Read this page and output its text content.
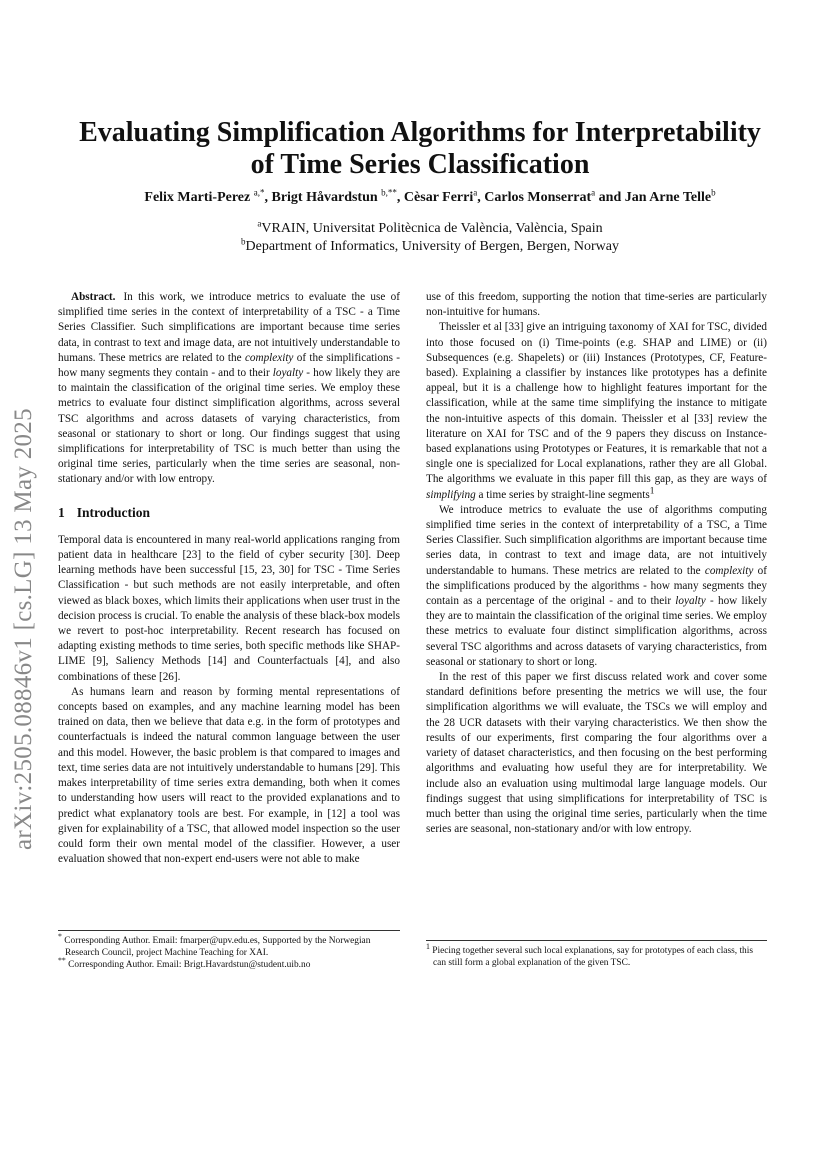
arXiv:2505.08846v1 [cs.LG] 13 May 2025
Evaluating Simplification Algorithms for Interpretability
of Time Series Classification
Felix Marti-Perez $^{a,*}$, Brigt Håvardstun $^{b,**}$, Cèsar Ferri$^a$, Carlos Monserrat$^a$ and Jan Arne Telle$^b$
$^a$VRAIN, Universitat Politècnica de València, València, Spain
$^b$Department of Informatics, University of Bergen, Bergen, Norway

Abstract. In this work, we introduce metrics to evaluate the use of simplified time series in the context of interpretability of a TSC - a Time Series Classifier. Such simplifications are important because time series data, in contrast to text and image data, are not intuitively understandable to humans. These metrics are related to the complexity of the simplifications - how many segments they contain - and to their loyalty - how likely they are to maintain the classification of the original time series. We employ these metrics to evaluate four distinct simplification algorithms, across several TSC algorithms and across datasets of varying characteristics, from seasonal or stationary to short or long. Our findings suggest that using simplifications for interpretability of TSC is much better than using the original time series, particularly when the time series are seasonal, non-stationary and/or with low entropy.

1 Introduction

Temporal data is encountered in many real-world applications ranging from patient data in healthcare [23] to the field of cyber security [30]. Deep learning methods have been successful [15, 23, 30] for TSC - Time Series Classification - but such methods are not easily interpretable, and often viewed as black boxes, which limits their applications when user trust in the decision process is crucial. To enable the analysis of these black-box models we revert to post-hoc interpretability. Recent research has focused on adapting existing methods to time series, both specific methods like SHAP-LIME [9], Saliency Methods [14] and Counterfactuals [4], and also combinations of these [26].

As humans learn and reason by forming mental representations of concepts based on examples, and any machine learning model has been trained on data, then we believe that data e.g. in the form of prototypes and counterfactuals is indeed the natural common language between the user and this model. However, the basic problem is that compared to images and text, time series data are not intuitively understandable to humans [29]. This makes interpretability of time series extra demanding, both when it comes to understanding how users will react to the provided explanations and to predict what explanatory tools are best. For example, in [12] a tool was given for explainability of a TSC, that allowed model inspection so the user could form their own mental model of the classifier. However, a user evaluation showed that non-expert end-users were not able to make

use of this freedom, supporting the notion that time-series are particularly non-intuitive for humans.

Theissler et al [33] give an intriguing taxonomy of XAI for TSC, divided into those focused on (i) Time-points (e.g. SHAP and LIME) or (ii) Subsequences (e.g. Shapelets) or (iii) Instances (Prototypes, CF, Feature-based). Explaining a classifier by instances like prototypes has a definite appeal, but it is a challenge how to highlight features important for the classification, while at the same time simplifying the instance to mitigate the non-intuitive aspects of this domain. Theissler et al [33] review the literature on XAI for TSC and of the 9 papers they discuss on Instance-based explanations using Prototypes or Features, it is remarkable that not a single one is specialized for Local explanations, rather they are all Global. The algorithms we evaluate in this paper fill this gap, as they are ways of simplifying a time series by straight-line segments$^1$

We introduce metrics to evaluate the use of algorithms computing simplified time series in the context of interpretability of a TSC, a Time Series Classifier. Such simplification algorithms are important because time series data, in contrast to text and image data, are not intuitively understandable to humans. These metrics are related to the complexity of the simplifications produced by the algorithms - how many segments they contain as a percentage of the original - and to their loyalty - how likely they are to maintain the classification of the original time series. We employ these metrics to evaluate four distinct simplification algorithms, across several TSC algorithms and across datasets of varying characteristics, from seasonal or stationary to short or long.

In the rest of this paper we first discuss related work and cover some standard definitions before presenting the metrics we will use, the four simplification algorithms we will evaluate, the TSCs we will employ and the 28 UCR datasets with their varying characteristics. We then show the results of our experiments, first comparing the four algorithms over a variety of dataset characteristics, and then focusing on the best performing algorithms and evaluating how useful they are for interpretability. We include also an evaluation using multimodal large language models. Our findings suggest that using simplifications for interpretability of TSC is much better than using the original time series, particularly when the time series are seasonal, non-stationary and/or with low entropy.

* Corresponding Author. Email: fmarper@upv.edu.es, Supported by the Norwegian Research Council, project Machine Teaching for XAI.

** Corresponding Author. Email: Brigt.Havardstun@student.uib.no

$^1$ Piecing together several such local explanations, say for prototypes of each class, this can still form a global explanation of the given TSC.
